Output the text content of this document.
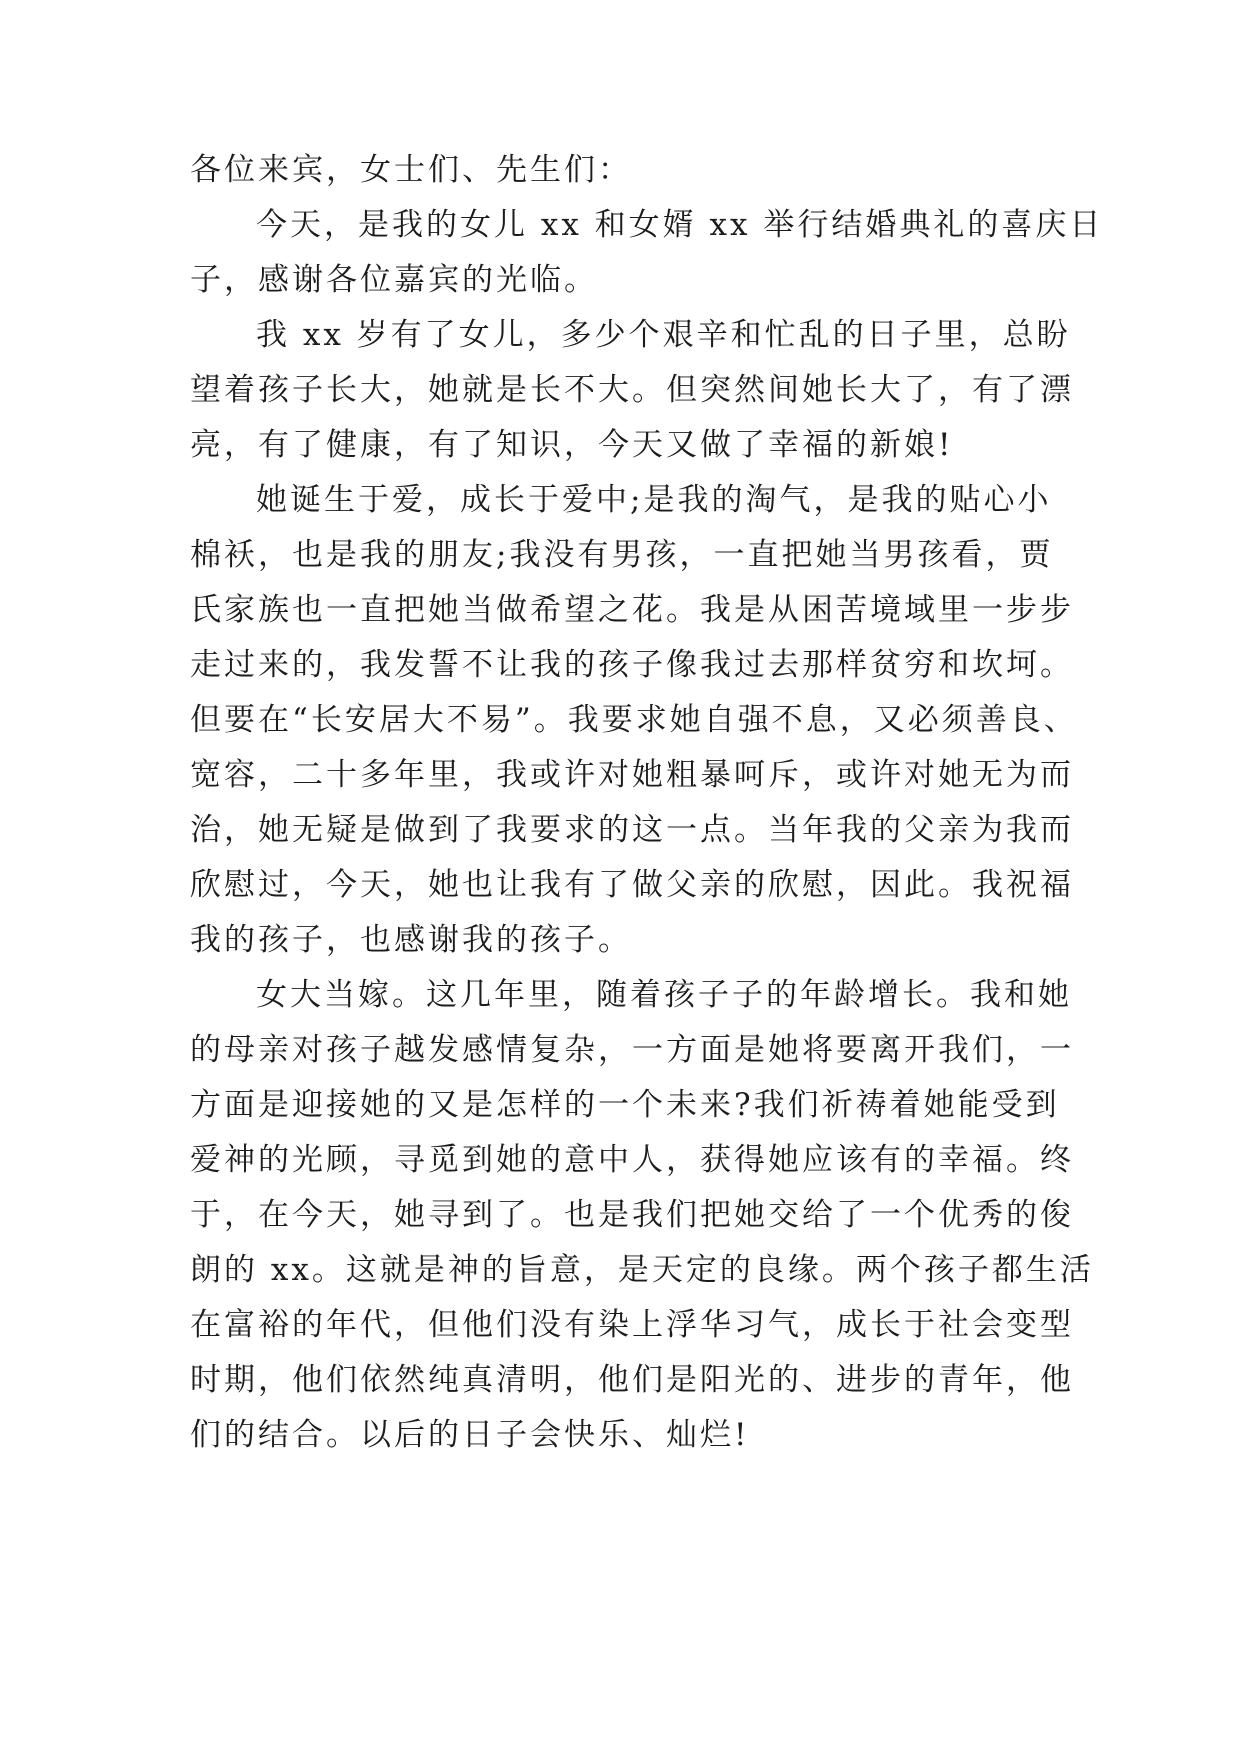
各位来宾，女士们、先生们：
今天，是我的女儿 xx 和女婿 xx 举行结婚典礼的喜庆日
子，感谢各位嘉宾的光临。
我 xx 岁有了女儿，多少个艰辛和忙乱的日子里，总盼
望着孩子长大，她就是长不大。但突然间她长大了，有了漂
亮，有了健康，有了知识，今天又做了幸福的新娘!
她诞生于爱，成长于爱中;是我的淘气，是我的贴心小
棉袄，也是我的朋友;我没有男孩，一直把她当男孩看，贾
氏家族也一直把她当做希望之花。我是从困苦境域里一步步
走过来的，我发誓不让我的孩子像我过去那样贫穷和坎坷。
但要在“长安居大不易”。我要求她自强不息，又必须善良、
宽容，二十多年里，我或许对她粗暴呵斥，或许对她无为而
治，她无疑是做到了我要求的这一点。当年我的父亲为我而
欣慰过，今天，她也让我有了做父亲的欣慰，因此。我祝福
我的孩子，也感谢我的孩子。
女大当嫁。这几年里，随着孩子子的年龄增长。我和她
的母亲对孩子越发感情复杂，一方面是她将要离开我们，一
方面是迎接她的又是怎样的一个未来?我们祈祷着她能受到
爱神的光顾，寻觅到她的意中人，获得她应该有的幸福。终
于，在今天，她寻到了。也是我们把她交给了一个优秀的俊
朗的 xx。这就是神的旨意，是天定的良缘。两个孩子都生活
在富裕的年代，但他们没有染上浮华习气，成长于社会变型
时期，他们依然纯真清明，他们是阳光的、进步的青年，他
们的结合。以后的日子会快乐、灿烂!
